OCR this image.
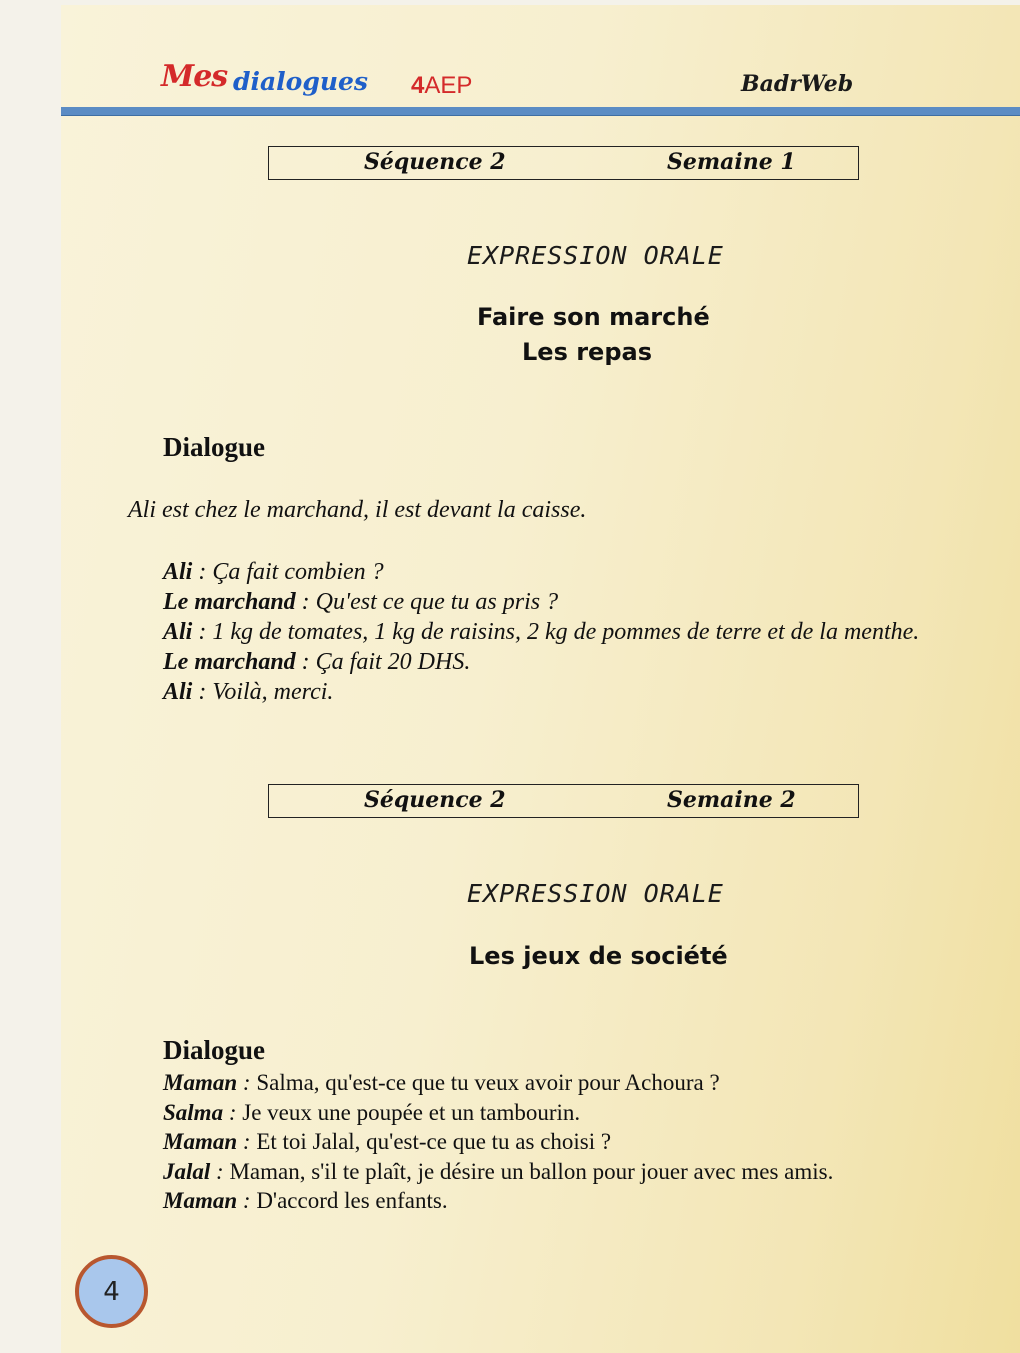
Mes dialogues 4AEP	BadrWeb
Séquence 2	Semaine 1
EXPRESSION ORALE
Faire son marché
Les repas
Dialogue
Ali est chez le marchand, il est devant la caisse.
Ali : Ça fait combien ?
Le marchand : Qu'est ce que tu as pris ?
Ali : 1 kg de tomates, 1 kg de raisins, 2 kg de pommes de terre et de la menthe.
Le marchand : Ça fait 20 DHS.
Ali : Voilà, merci.
Séquence 2	Semaine 2
EXPRESSION ORALE
Les jeux de société
Dialogue
Maman : Salma, qu'est-ce que tu veux avoir pour Achoura ?
Salma : Je veux une poupée et un tambourin.
Maman : Et toi Jalal, qu'est-ce que tu as choisi ?
Jalal : Maman, s'il te plaît, je désire un ballon pour jouer avec mes amis.
Maman : D'accord les enfants.
4
